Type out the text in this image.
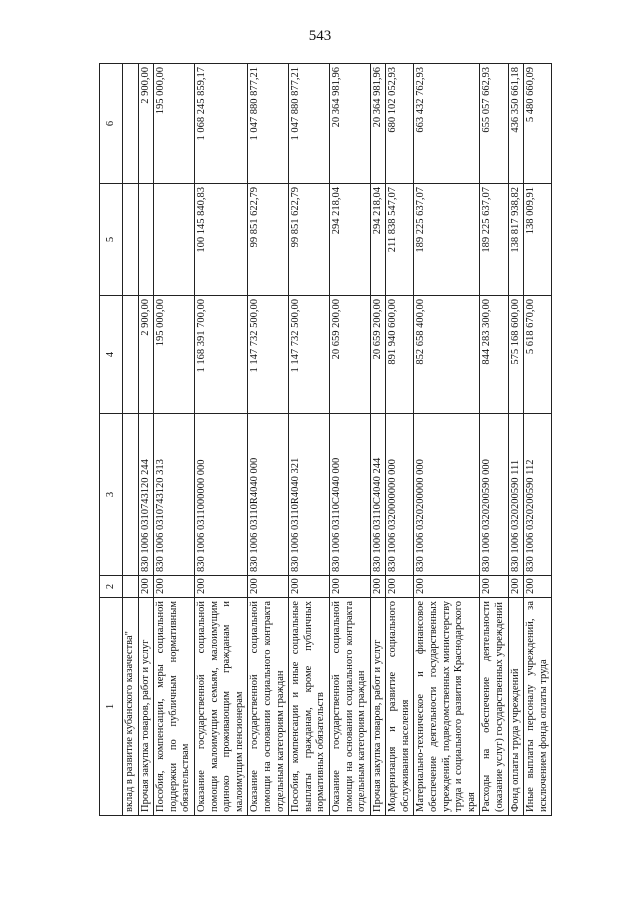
543
1	2	3	4	5	6
вклад в развитие кубанского казачества"					
Прочая закупка товаров, работ и услуг	200	830 1006 0310743120 244	2 900,00		2 900,00
Пособия, компенсации, меры социальной поддержки по публичным нормативным обязательствам	200	830 1006 0310743120 313	195 000,00		195 000,00
Оказание государственной социальной помощи малоимущим семьям, малоимущим одиноко проживающим гражданам и малоимущим пенсионерам	200	830 1006 0311000000 000	1 168 391 700,00	100 145 840,83	1 068 245 859,17
Оказание государственной социальной помощи на основании социального контракта отдельным категориям граждан	200	830 1006 03110R4040 000	1 147 732 500,00	99 851 622,79	1 047 880 877,21
Пособия, компенсации и иные социальные выплаты гражданам, кроме публичных нормативных обязательств	200	830 1006 03110R4040 321	1 147 732 500,00	99 851 622,79	1 047 880 877,21
Оказание государственной социальной помощи на основании социального контракта отдельным категориям граждан	200	830 1006 03110C4040 000	20 659 200,00	294 218,04	20 364 981,96
Прочая закупка товаров, работ и услуг	200	830 1006 03110C4040 244	20 659 200,00	294 218,04	20 364 981,96
Модернизация и развитие социального обслуживания населения	200	830 1006 0320000000 000	891 940 600,00	211 838 547,07	680 102 052,93
Материально-техническое и финансовое обеспечение деятельности государственных учреждений, подведомственных министерству труда и социального развития Краснодарского края	200	830 1006 0320200000 000	852 658 400,00	189 225 637,07	663 432 762,93
Расходы на обеспечение деятельности (оказание услуг) государственных учреждений	200	830 1006 0320200590 000	844 283 300,00	189 225 637,07	655 057 662,93
Фонд оплаты труда учреждений	200	830 1006 0320200590 111	575 168 600,00	138 817 938,82	436 350 661,18
Иные выплаты персоналу учреждений, за исключением фонда оплаты труда	200	830 1006 0320200590 112	5 618 670,00	138 009,91	5 480 660,09
